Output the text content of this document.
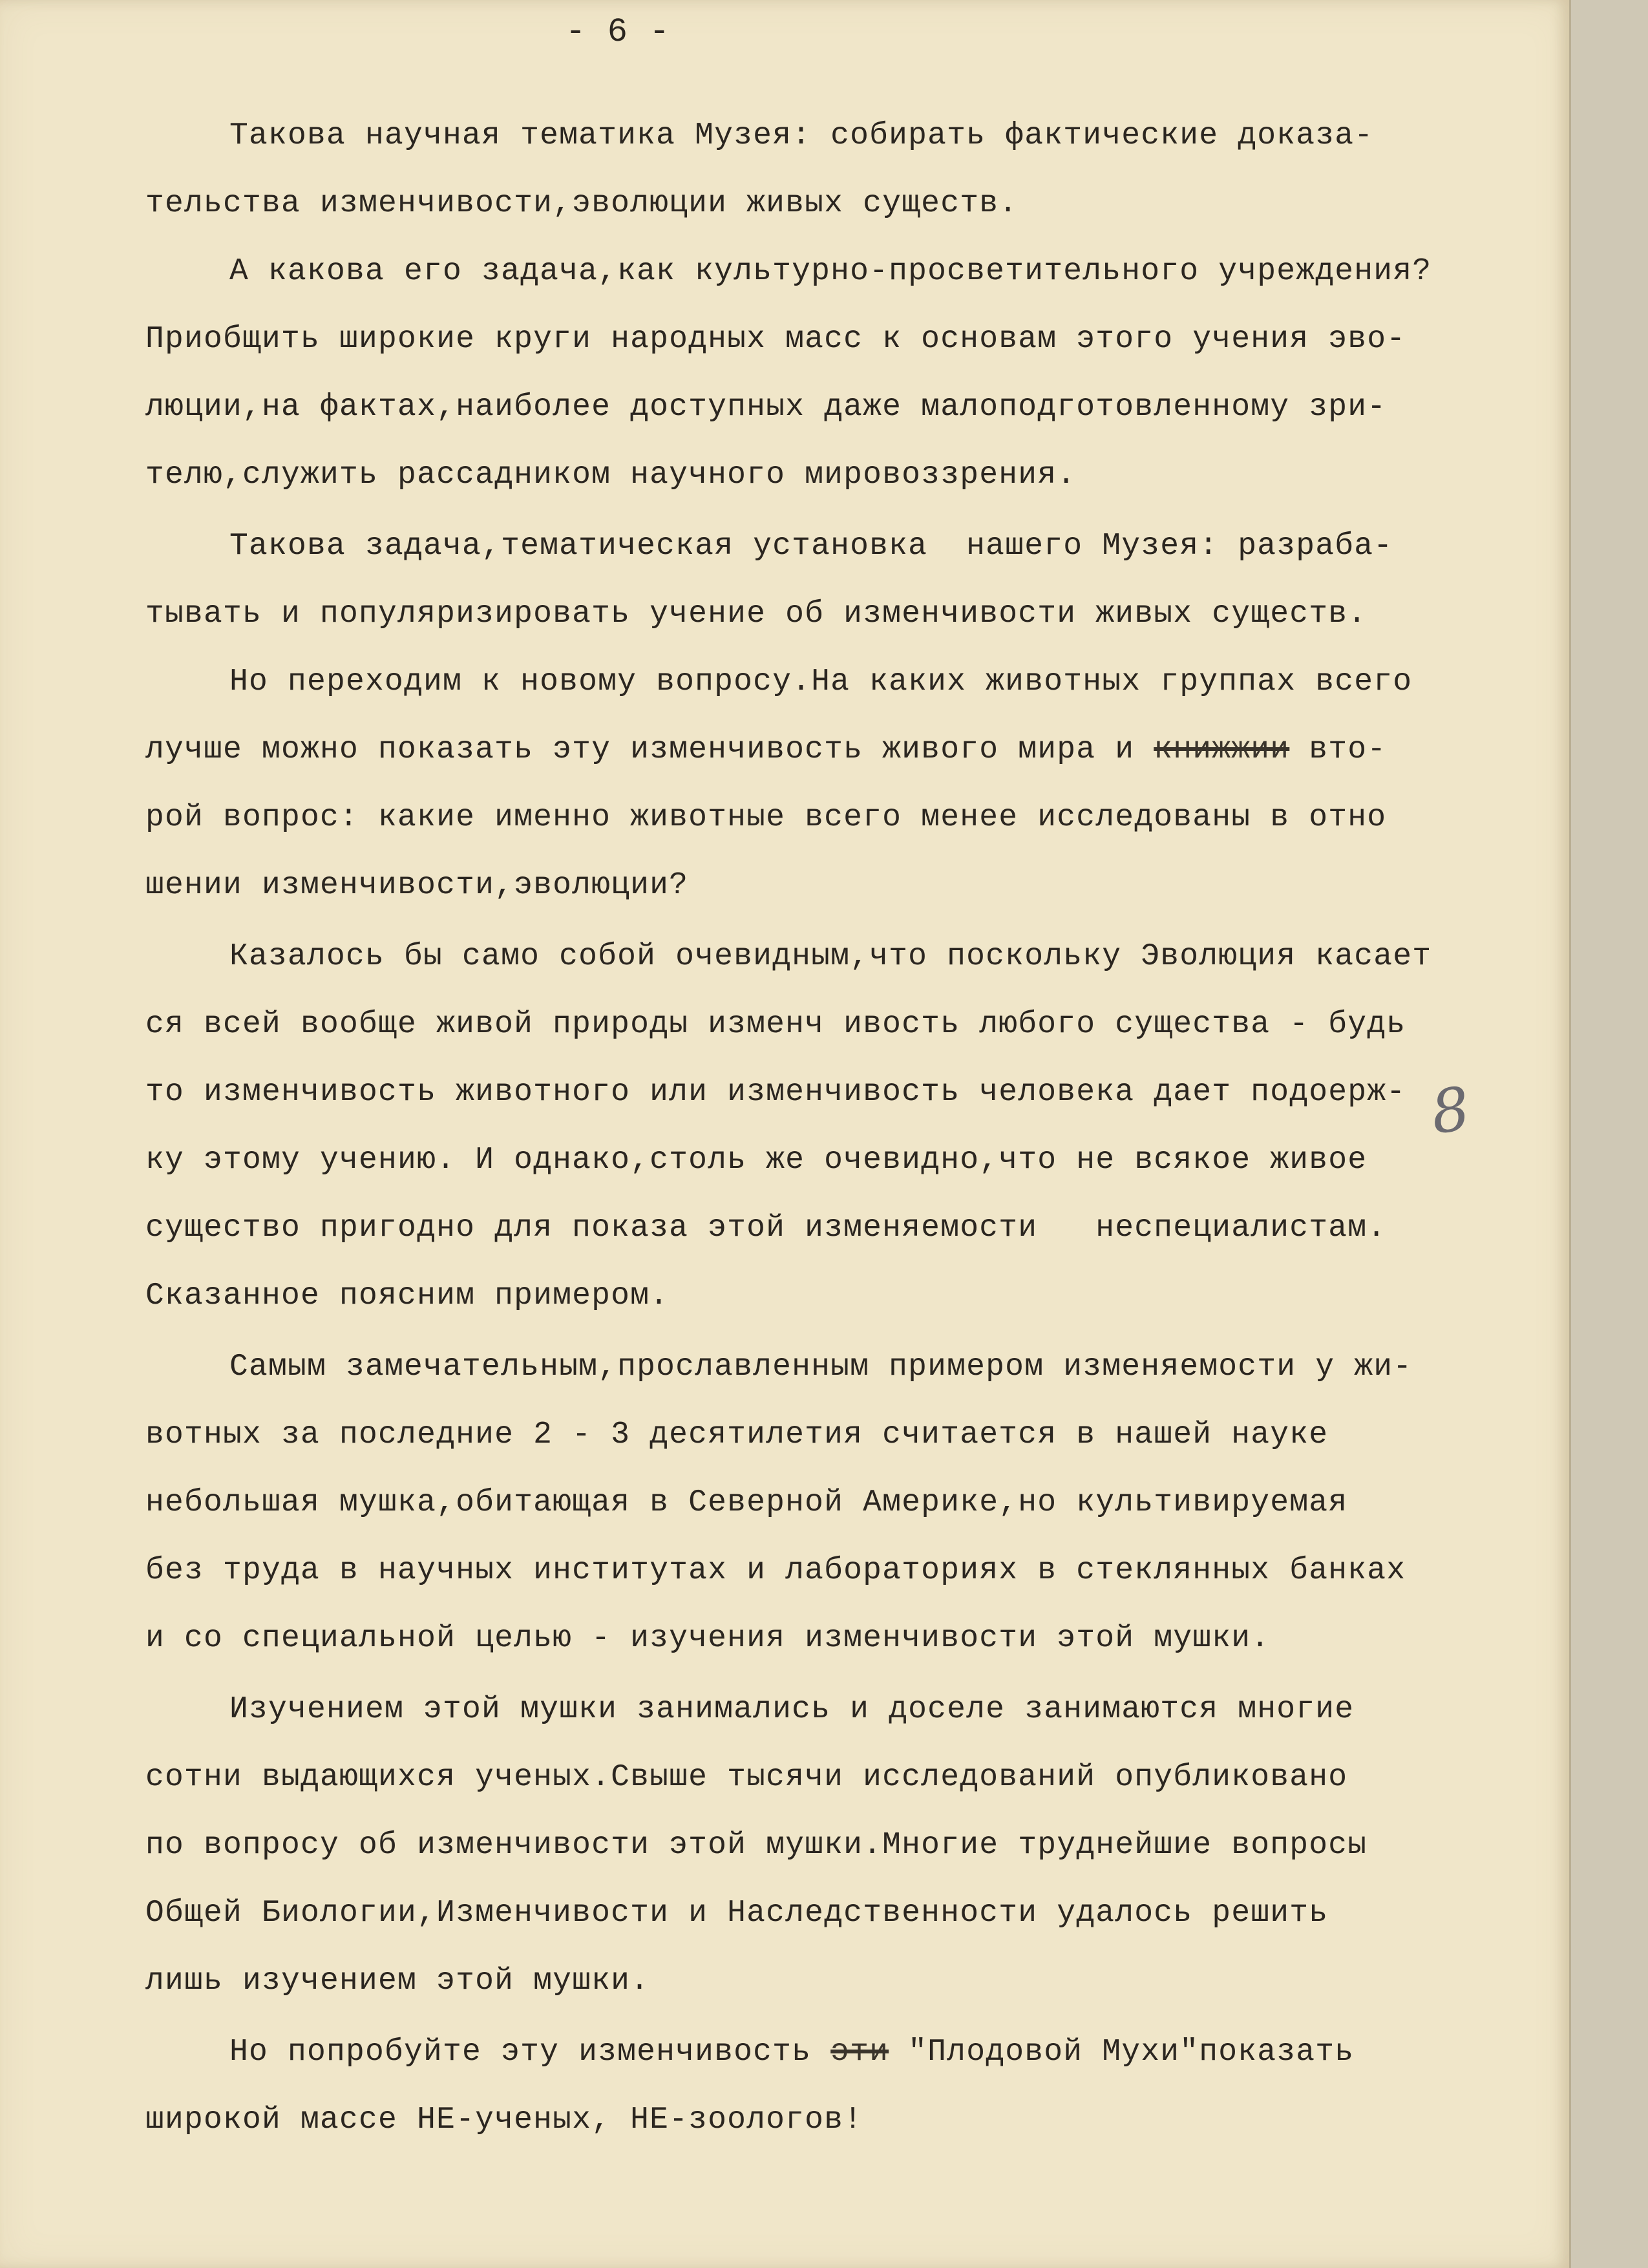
- 6 -
Такова научная тематика Музея: собирать фактические доказа-
тельства изменчивости,эволюции живых существ.
А какова его задача,как культурно-просветительного учреждения?
Приобщить широкие круги народных масс к основам этого учения эво-
люции,на фактах,наиболее доступных даже малоподготовленному зри-
телю,служить рассадником научного мировоззрения.
Такова задача,тематическая установка  нашего Музея: разраба-
тывать и популяризировать учение об изменчивости живых существ.
Но переходим к новому вопросу.На каких животных группах всего
лучше можно показать эту изменчивость живого мира и книжжии вто-
рой вопрос: какие именно животные всего менее исследованы в отно
шении изменчивости,эволюции?
Казалось бы само собой очевидным,что поскольку Эволюция касает
ся всей вообще живой природы изменч ивость любого существа - будь
то изменчивость животного или изменчивость человека дает подоерж-
ку этому учению. И однако,столь же очевидно,что не всякое живое
существо пригодно для показа этой изменяемости   неспециалистам.
Сказанное поясним примером.
Самым замечательным,прославленным примером изменяемости у жи-
вотных за последние 2 - 3 десятилетия считается в нашей науке
небольшая мушка,обитающая в Северной Америке,но культивируемая
без труда в научных институтах и лабораториях в стеклянных банках
и со специальной целью - изучения изменчивости этой мушки.
Изучением этой мушки занимались и доселе занимаются многие
сотни выдающихся ученых.Свыше тысячи исследований опубликовано
по вопросу об изменчивости этой мушки.Многие труднейшие вопросы
Общей Биологии,Изменчивости и Наследственности удалось решить
лишь изучением этой мушки.
Но попробуйте эту изменчивость эти "Плодовой Мухи"показать
широкой массе НЕ-ученых, НЕ-зоологов!
8
